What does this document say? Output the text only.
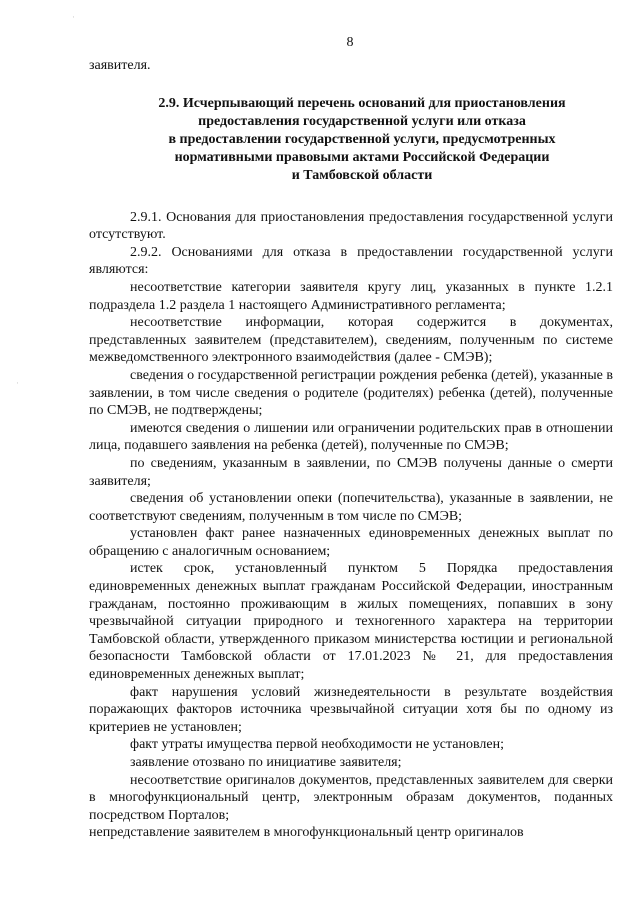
8
·
·

заявителя.

2.9. Исчерпывающий перечень оснований для приостановления
предоставления государственной услуги или отказа
в предоставлении государственной услуги, предусмотренных
нормативными правовыми актами Российской Федерации
и Тамбовской области

2.9.1. Основания для приостановления предоставления государственной услуги отсутствуют.

2.9.2. Основаниями для отказа в предоставлении государственной услуги являются:

несоответствие категории заявителя кругу лиц, указанных в пункте 1.2.1 подраздела 1.2 раздела 1 настоящего Административного регламента;

несоответствие информации, которая содержится в документах, представленных заявителем (представителем), сведениям, полученным по системе межведомственного электронного взаимодействия (далее - СМЭВ);

сведения о государственной регистрации рождения ребенка (детей), указанные в заявлении, в том числе сведения о родителе (родителях) ребенка (детей), полученные по СМЭВ, не подтверждены;

имеются сведения о лишении или ограничении родительских прав в отношении лица, подавшего заявления на ребенка (детей), полученные по СМЭВ;

по сведениям, указанным в заявлении, по СМЭВ получены данные о смерти заявителя;

сведения об установлении опеки (попечительства), указанные в заявлении, не соответствуют сведениям, полученным в том числе по СМЭВ;

установлен факт ранее назначенных единовременных денежных выплат по обращению с аналогичным основанием;

истек срок, установленный пунктом 5 Порядка предоставления единовременных денежных выплат гражданам Российской Федерации, иностранным гражданам, постоянно проживающим в жилых помещениях, попавших в зону чрезвычайной ситуации природного и техногенного характера на территории Тамбовской области, утвержденного приказом министерства юстиции и региональной безопасности Тамбовской области от 17.01.2023 № 21, для предоставления единовременных денежных выплат;

факт нарушения условий жизнедеятельности в результате воздействия поражающих факторов источника чрезвычайной ситуации хотя бы по одному из критериев не установлен;

факт утраты имущества первой необходимости не установлен;

заявление отозвано по инициативе заявителя;

несоответствие оригиналов документов, представленных заявителем для сверки в многофункциональный центр, электронным образам документов, поданных посредством Порталов;

непредставление заявителем в многофункциональный центр оригиналов
